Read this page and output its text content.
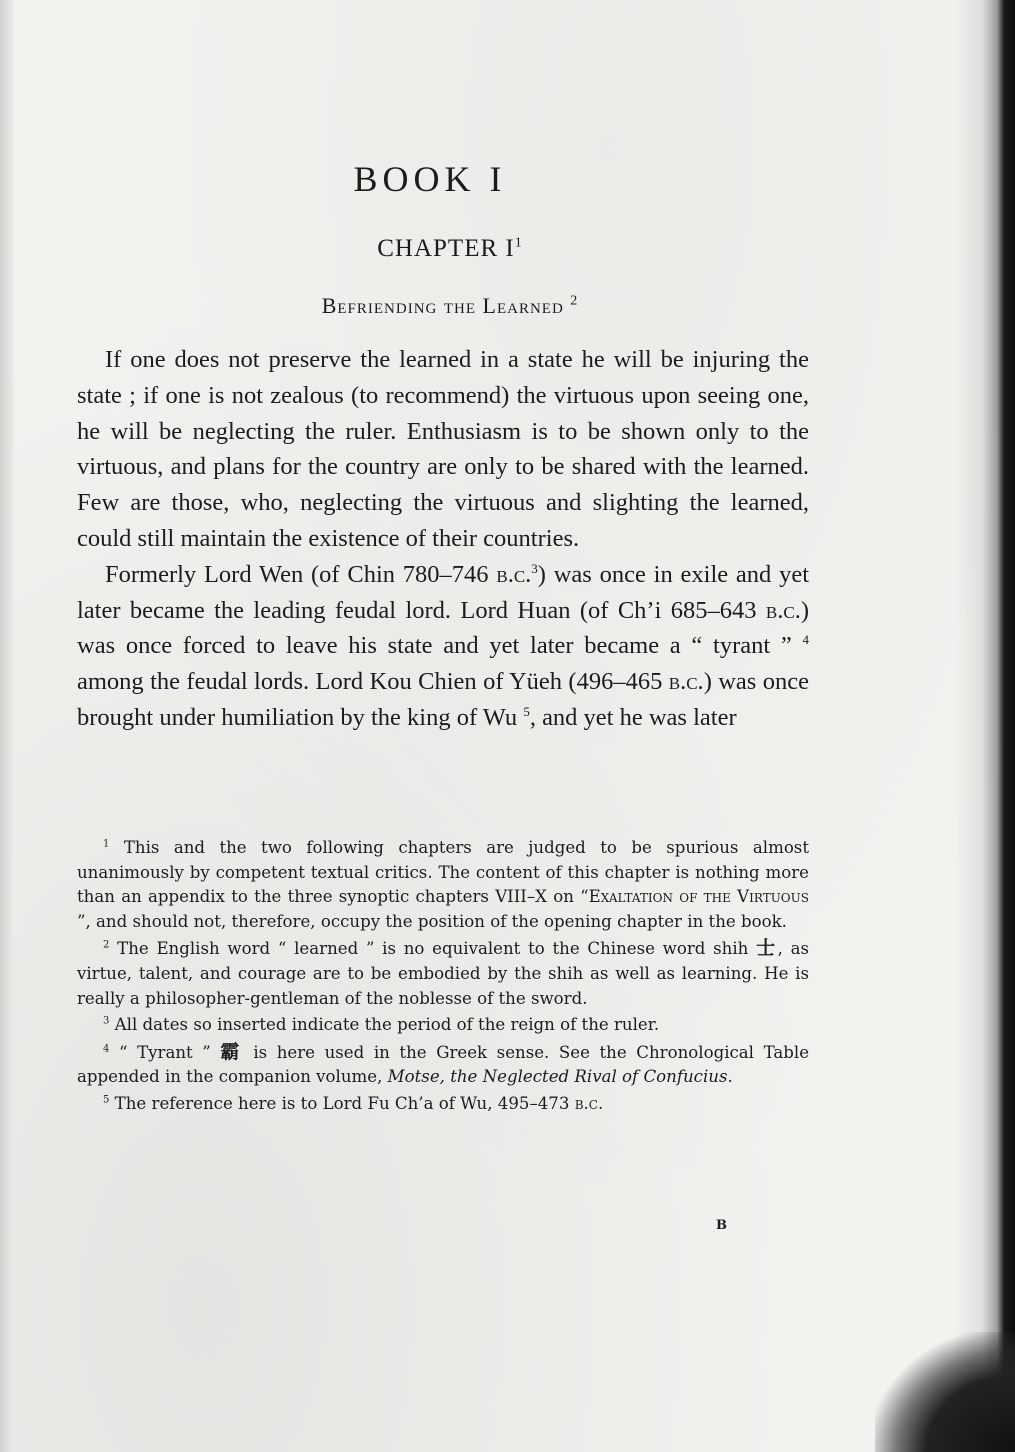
BOOK I
CHAPTER $I^1$
Befriending the Learned $^2$

If one does not preserve the learned in a state he will be injuring the state ; if one is not zealous (to recommend) the virtuous upon seeing one, he will be neglecting the ruler. Enthusiasm is to be shown only to the virtuous, and plans for the country are only to be shared with the learned. Few are those, who, neglecting the virtuous and slighting the learned, could still maintain the existence of their countries.

Formerly Lord Wen (of Chin 780–746 b.c.$^3$) was once in exile and yet later became the leading feudal lord. Lord Huan (of Ch’i 685–643 b.c.) was once forced to leave his state and yet later became a “ tyrant ” $^4$ among the feudal lords. Lord Kou Chien of Yüeh (496–465 b.c.) was once brought under humiliation by the king of Wu $^5$, and yet he was later

$^1$ This and the two following chapters are judged to be spurious almost unanimously by competent textual critics. The content of this chapter is nothing more than an appendix to the three synoptic chapters VIII–X on “Exaltation of the Virtuous ”, and should not, therefore, occupy the position of the opening chapter in the book.

$^2$ The English word “ learned ” is no equivalent to the Chinese word shih 士, as virtue, talent, and courage are to be embodied by the shih as well as learning. He is really a philosopher-gentleman of the noblesse of the sword.

$^3$ All dates so inserted indicate the period of the reign of the ruler.

$^4$ “ Tyrant ” 霸 is here used in the Greek sense. See the Chronological Table appended in the companion volume, Motse, the Neglected Rival of Confucius.

$^5$ The reference here is to Lord Fu Ch’a of Wu, 495–473 b.c.

B
